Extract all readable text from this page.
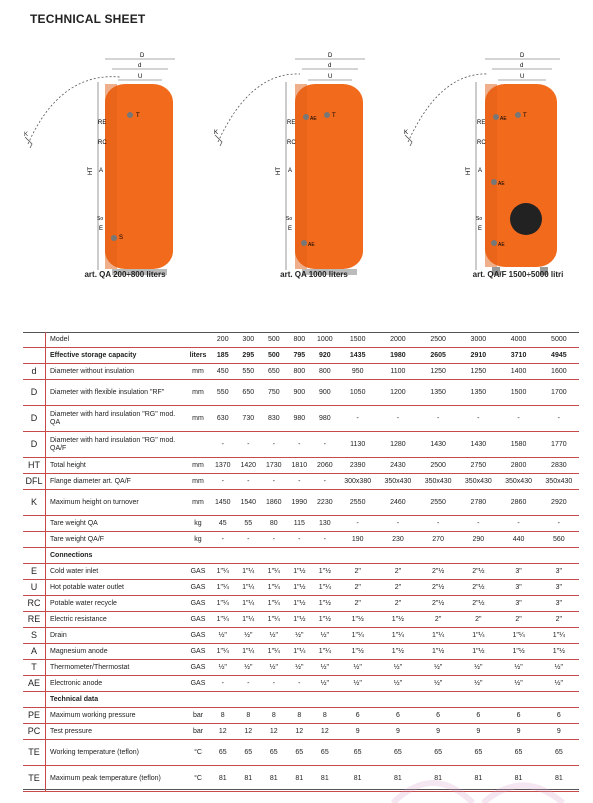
TECHNICAL SHEET
K
D
d
U
HT
RE
RC
A
So
E
T
S
art. QA 200÷800 liters
K
D
d
U
HT
RE
RC
A
So
E
AE	T
AE
art. QA 1000 liters
K
D
d
U
HT
RE
RC
A
So
E
AE	T
AE
AE
art. QA/F 1500÷5000 litri
	Model		200	300	500	800	1000	1500	2000	2500	3000	4000	5000
	Effective storage capacity	liters	185	295	500	795	920	1435	1980	2605	2910	3710	4945
d	Diameter without insulation	mm	450	550	650	800	800	950	1100	1250	1250	1400	1600
D	Diameter with flexible insulation "RF"	mm	550	650	750	900	900	1050	1200	1350	1350	1500	1700
D	Diameter with hard insulation "RG" mod. QA	mm	630	730	830	980	980	-	-	-	-	-	-
D	Diameter with hard insulation "RG" mod. QA/F		-	-	-	-	-	1130	1280	1430	1430	1580	1770
HT	Total height	mm	1370	1420	1730	1810	2060	2390	2430	2500	2750	2800	2830
DFL	Flange diameter art. QA/F	mm	-	-	-	-	-	300x380	350x430	350x430	350x430	350x430	350x430
K	Maximum height on turnover	mm	1450	1540	1860	1990	2230	2550	2460	2550	2780	2860	2920
	Tare weight QA	kg	45	55	80	115	130	-	-	-	-	-	-
	Tare weight QA/F	kg	-	-	-	-	-	190	230	270	290	440	560
	Connections												
E	Cold water inlet	GAS	1"¼	1"¼	1"¼	1"½	1"½	2"	2"	2"½	2"½	3"	3"
U	Hot potable water outlet	GAS	1"¼	1"¼	1"¼	1"½	1"¼	2"	2"	2"½	2"½	3"	3"
RC	Potable water recycle	GAS	1"¼	1"¼	1"¼	1"½	1"½	2"	2"	2"½	2"½	3"	3"
RE	Electric resistance	GAS	1"¼	1"¼	1"¼	1"½	1"½	1"½	1"½	2"	2"	2"	2"
S	Drain	GAS	½"	½"	½"	½"	½"	1"¼	1"¼	1"¼	1"¼	1"¼	1"¼
A	Magnesium anode	GAS	1"¼	1"¼	1"¼	1"¼	1"¼	1"½	1"½	1"½	1"½	1"½	1"½
T	Thermometer/Thermostat	GAS	½"	½"	½"	½"	½"	½"	½"	½"	½"	½"	½"
AE	Electronic anode	GAS	-	-	-	-	½"	½"	½"	½"	½"	½"	½"
	Technical data												
PE	Maximum working pressure	bar	8	8	8	8	8	6	6	6	6	6	6
PC	Test pressure	bar	12	12	12	12	12	9	9	9	9	9	9
TE	Working temperature (teflon)	°C	65	65	65	65	65	65	65	65	65	65	65
TE	Maximum peak temperature (teflon)	°C	81	81	81	81	81	81	81	81	81	81	81
